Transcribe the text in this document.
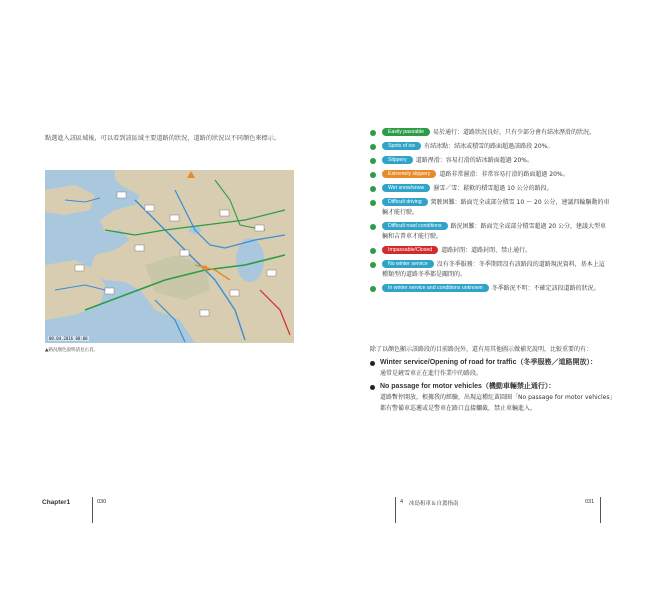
點選進入該區域後，可以看到該區域主要道路的狀況，道路的狀況以不同顏色來標示。

08.04.2016 08:00
▲路況顏色說明請見右頁。
Chapter1	030
Easily passable 易於通行：道路狀況良好，只有少部分會有結冰溼滑的狀況。
Spots of ice 有結冰點：結冰或積雪的路面超過該路段 20%。
Slippery 道路溼滑：容易打滑的結冰路面超過 20%。
Extremely slippery 道路非常濕滑：非常容易打滑的路面超過 20%。
Wet snow/snow 濕雪／雪：鬆軟的積雪超過 10 公分的路段。
Difficult driving 駕駛困難：路面完全或部分積雪 10 ～ 20 公分，建議四輪驅動的車輛才能行駛。
Difficult road conditions 路況困難：路面完全或部分積雪超過 20 公分，建議大型車輛和吉普車才能行駛。
Impassable/Closed 道路封閉：道路封閉、禁止通行。
No winter service 沒有冬季服務：冬季期間沒有該路段的道路現況資料，基本上這種類型的道路冬季都是關閉的。
In winter service and conditions unknown 冬季路況不明：不確定該段道路的狀況。
除了以顏色顯示該路段的目前路況外，還有用其他圖示做補充說明，比較重要的有：
Winter service/Opening of road for traffic（冬季服務／道路開放）：
通常是鏟雪車正在進行作業中的路段。
No passage for motor vehicles（機動車輛禁止通行）：
道路暫停開放，根據我的經驗，出現這種紅黃圓圈「No passage for motor vehicles」都有警備車巡邏或是警車在路口直接攔截，禁止車輛進入。
4 冰島租車＆自駕指南	031
